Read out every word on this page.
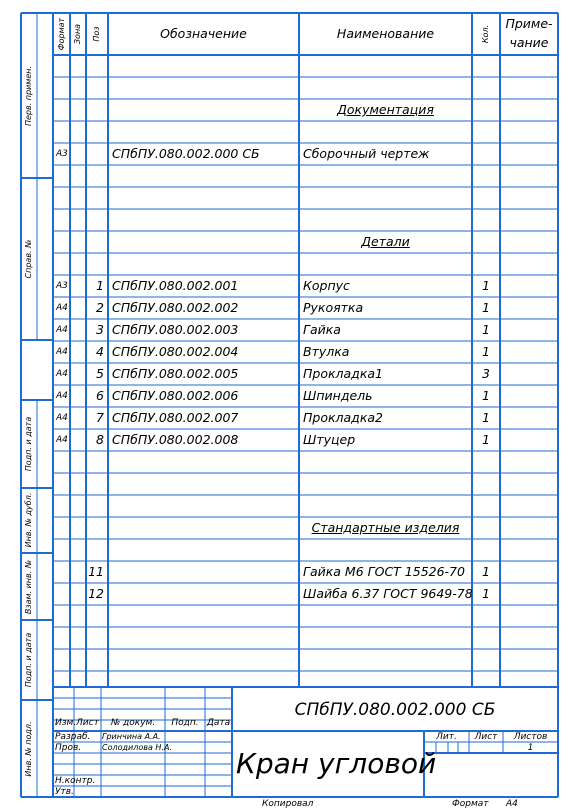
Формат Зона Поз	Обозначение	Наименование	Кол.
Приме-
чание
Документация
А3	СПбПУ.080.002.000 СБ	Сборочный чертеж
Детали
А3	1 СПбПУ.080.002.001	Корпус	1
А4	2 СПбПУ.080.002.002	Рукоятка	1
А4	3 СПбПУ.080.002.003	Гайка	1
А4	4 СПбПУ.080.002.004	Втулка	1
А4	5 СПбПУ.080.002.005	Прокладка1	3
А4	6 СПбПУ.080.002.006	Шпиндель	1
А4	7 СПбПУ.080.002.007	Прокладка2	1
А4	8 СПбПУ.080.002.008	Штуцер	1
Стандартные изделия
11	Гайка М6 ГОСТ 15526-70	1
12	Шайба 6.37 ГОСТ 9649-78 1
Перв. примен.
Справ. №
Подп. и дата
Инв. № дубл.
Взам. инв. №
Подп. и дата
Инв. № подл.
СПбПУ.080.002.000 СБ
Изм. Лист	№ докум.	Подп. Дата
Разраб. Гринчина А.А.
Пров.	Солодилова Н.А.
Н.контр.
Утв.
Кран угловой
Лит.	Лист	Листов
1
Копировал	Формат А4
